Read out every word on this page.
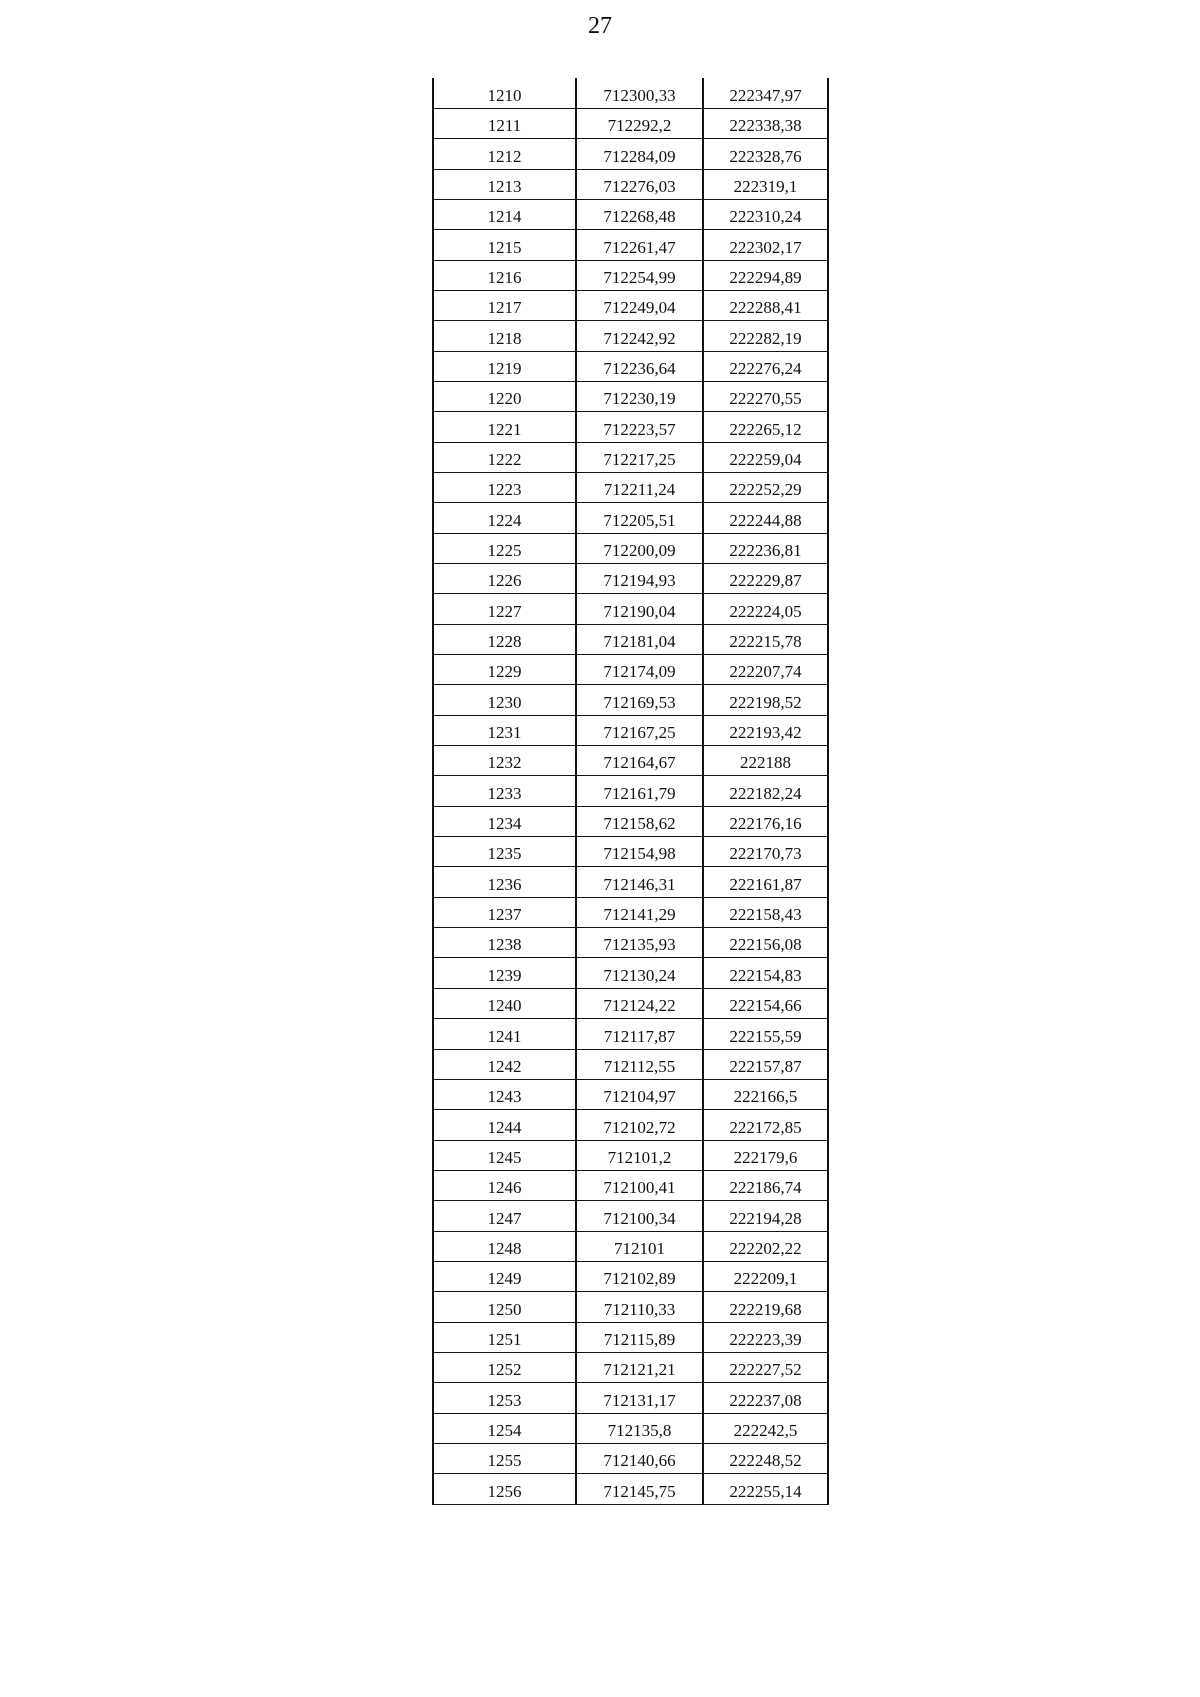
27
1210	712300,33	222347,97
1211	712292,2	222338,38
1212	712284,09	222328,76
1213	712276,03	222319,1
1214	712268,48	222310,24
1215	712261,47	222302,17
1216	712254,99	222294,89
1217	712249,04	222288,41
1218	712242,92	222282,19
1219	712236,64	222276,24
1220	712230,19	222270,55
1221	712223,57	222265,12
1222	712217,25	222259,04
1223	712211,24	222252,29
1224	712205,51	222244,88
1225	712200,09	222236,81
1226	712194,93	222229,87
1227	712190,04	222224,05
1228	712181,04	222215,78
1229	712174,09	222207,74
1230	712169,53	222198,52
1231	712167,25	222193,42
1232	712164,67	222188
1233	712161,79	222182,24
1234	712158,62	222176,16
1235	712154,98	222170,73
1236	712146,31	222161,87
1237	712141,29	222158,43
1238	712135,93	222156,08
1239	712130,24	222154,83
1240	712124,22	222154,66
1241	712117,87	222155,59
1242	712112,55	222157,87
1243	712104,97	222166,5
1244	712102,72	222172,85
1245	712101,2	222179,6
1246	712100,41	222186,74
1247	712100,34	222194,28
1248	712101	222202,22
1249	712102,89	222209,1
1250	712110,33	222219,68
1251	712115,89	222223,39
1252	712121,21	222227,52
1253	712131,17	222237,08
1254	712135,8	222242,5
1255	712140,66	222248,52
1256	712145,75	222255,14
